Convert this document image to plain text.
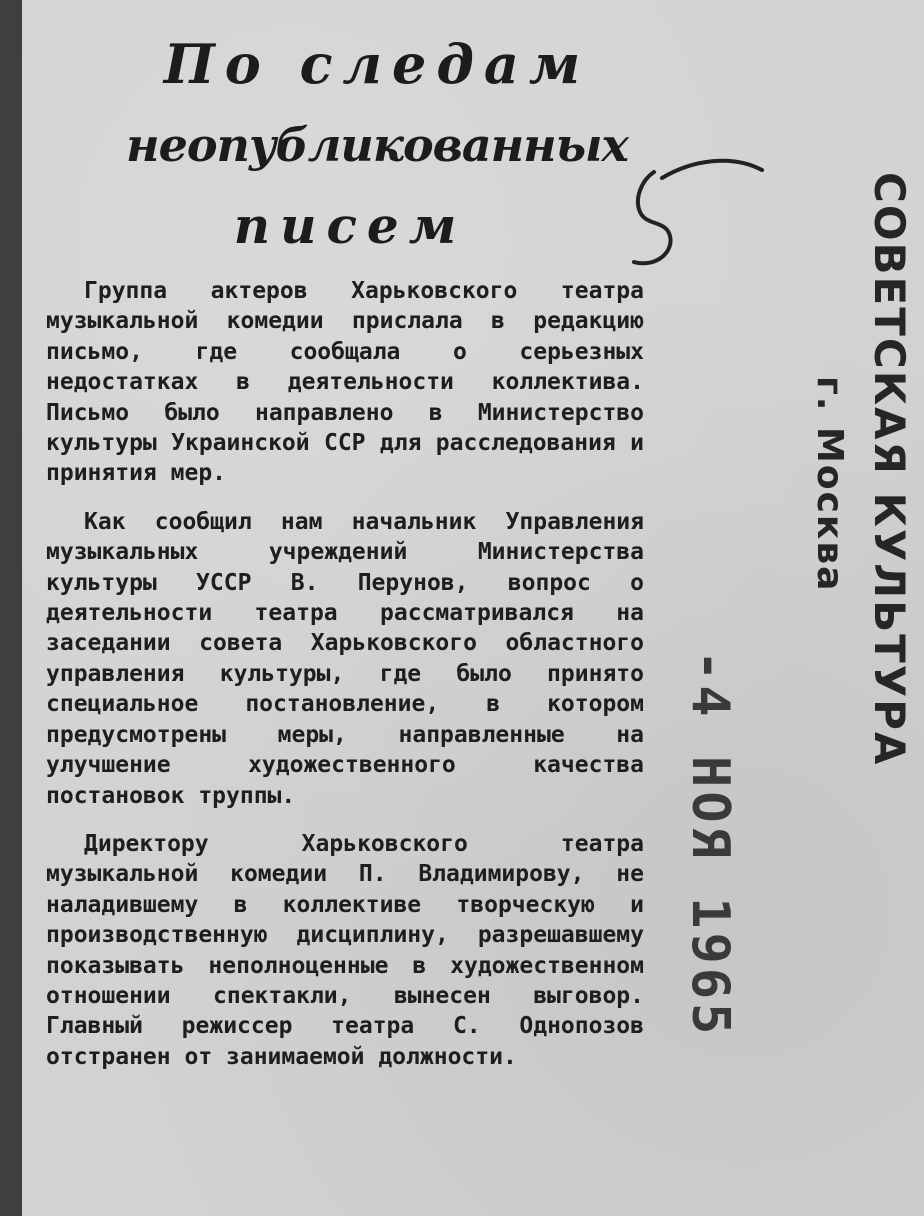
По следам
неопубликованных
писем

Группа актеров Харьковского театра музыкальной комедии прислала в редакцию письмо, где сообщала о серьезных недостатках в деятельности коллектива. Письмо было направлено в Министерство культуры Украинской ССР для расследования и принятия мер.

Как сообщил нам начальник Управления музыкальных учреждений Министерства культуры УССР В. Перунов, вопрос о деятельности театра рассматривался на заседании совета Харьковского областного управления культуры, где было принято специальное постановление, в котором предусмотрены меры, направленные на улучшение художественного качества постановок труппы.

Директору Харьковского театра музыкальной комедии П. Владимирову, не наладившему в коллективе творческую и производственную дисциплину, разрешавшему показывать неполноценные в художественном отношении спектакли, вынесен выговор. Главный режиссер театра С. Однопозов отстранен от занимаемой должности.

СОВЕТСКАЯ КУЛЬТУРА
г. Москва
-4 НОЯ 1965
